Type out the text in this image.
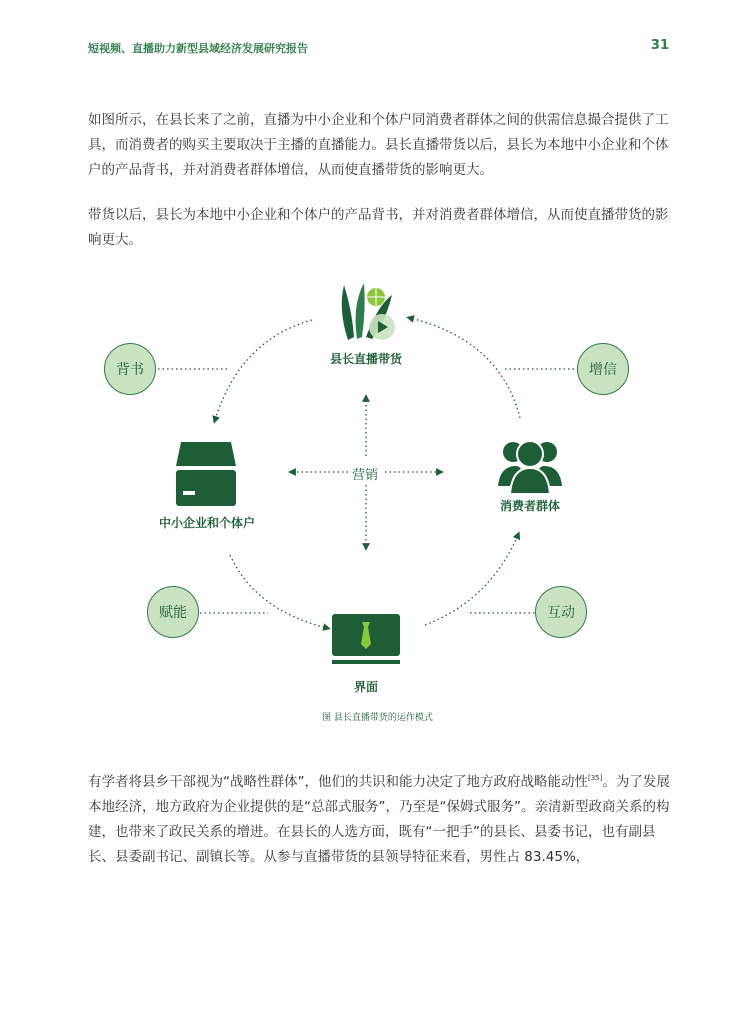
短视频、直播助力新型县域经济发展研究报告	31

如图所示，在县长来了之前，直播为中小企业和个体户同消费者群体之间的供需信息撮合提供了工具，而消费者的购买主要取决于主播的直播能力。县长直播带货以后，县长为本地中小企业和个体户的产品背书，并对消费者群体增信，从而使直播带货的影响更大。

带货以后，县长为本地中小企业和个体户的产品背书，并对消费者群体增信，从而使直播带货的影响更大。

县长直播带货
中小企业和个体户
消费者群体
界面
营销
背书	增信
赋能	互动
图 县长直播带货的运作模式

有学者将县乡干部视为“战略性群体”，他们的共识和能力决定了地方政府战略能动性[35]。为了发展本地经济，地方政府为企业提供的是“总部式服务”，乃至是“保姆式服务”。亲清新型政商关系的构建，也带来了政民关系的增进。在县长的人选方面，既有“一把手”的县长、县委书记，也有副县长、县委副书记、副镇长等。从参与直播带货的县领导特征来看，男性占 83.45%，
